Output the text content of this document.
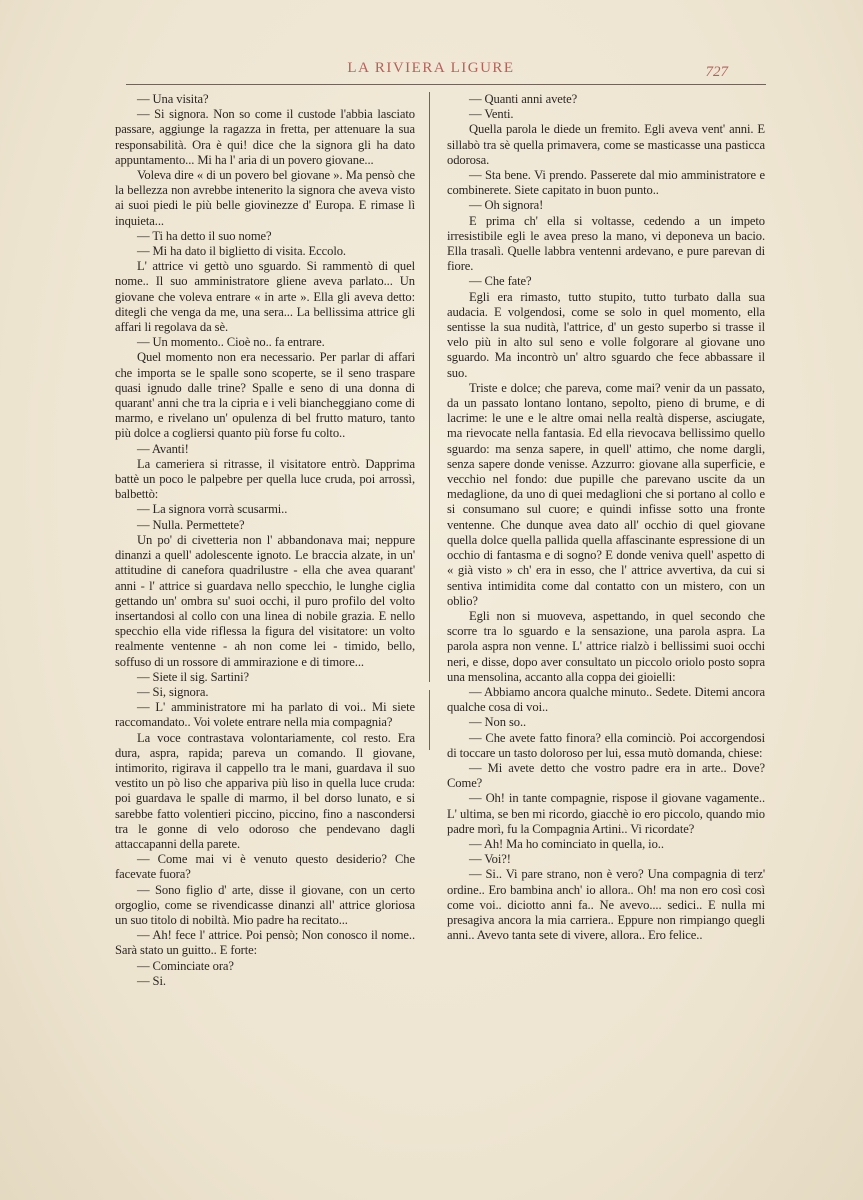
LA RIVIERA LIGURE	727

— Una visita?

— Si signora. Non so come il custode l'abbia lasciato passare, aggiunge la ragazza in fretta, per attenuare la sua responsabilità. Ora è qui! dice che la signora gli ha dato appuntamento... Mi ha l' aria di un povero giovane...

Voleva dire « di un povero bel giovane ». Ma pensò che la bellezza non avrebbe intenerito la signora che aveva visto ai suoi piedi le più belle giovinezze d' Europa. E rimase lì inquieta...

— Ti ha detto il suo nome?

— Mi ha dato il biglietto di visita. Eccolo.

L' attrice vi gettò uno sguardo. Si rammentò di quel nome.. Il suo amministratore gliene aveva parlato... Un giovane che voleva entrare « in arte ». Ella gli aveva detto: ditegli che venga da me, una sera... La bellissima attrice gli affari li regolava da sè.

— Un momento.. Cioè no.. fa entrare.

Quel momento non era necessario. Per parlar di affari che importa se le spalle sono scoperte, se il seno traspare quasi ignudo dalle trine? Spalle e seno di una donna di quarant' anni che tra la cipria e i veli biancheggiano come di marmo, e rivelano un' opulenza di bel frutto maturo, tanto più dolce a cogliersi quanto più forse fu colto..

— Avanti!

La cameriera si ritrasse, il visitatore entrò. Dapprima battè un poco le palpebre per quella luce cruda, poi arrossì, balbettò:

— La signora vorrà scusarmi..

— Nulla. Permettete?

Un po' di civetteria non l' abbandonava mai; neppure dinanzi a quell' adolescente ignoto. Le braccia alzate, in un' attitudine di canefora quadrilustre - ella che avea quarant' anni - l' attrice si guardava nello specchio, le lunghe ciglia gettando un' ombra su' suoi occhi, il puro profilo del volto insertandosi al collo con una linea di nobile grazia. E nello specchio ella vide riflessa la figura del visitatore: un volto realmente ventenne - ah non come lei - timido, bello, soffuso di un rossore di ammirazione e di timore...

— Siete il sig. Sartini?

— Si, signora.

— L' amministratore mi ha parlato di voi.. Mi siete raccomandato.. Voi volete entrare nella mia compagnia?

La voce contrastava volontariamente, col resto. Era dura, aspra, rapida; pareva un comando. Il giovane, intimorito, rigirava il cappello tra le mani, guardava il suo vestito un pò liso che appariva più liso in quella luce cruda: poi guardava le spalle di marmo, il bel dorso lunato, e si sarebbe fatto volentieri piccino, piccino, fino a nascondersi tra le gonne di velo odoroso che pendevano dagli attaccapanni della parete.

— Come mai vi è venuto questo desiderio? Che facevate fuora?

— Sono figlio d' arte, disse il giovane, con un certo orgoglio, come se rivendicasse dinanzi all' attrice gloriosa un suo titolo di nobiltà. Mio padre ha recitato...

— Ah! fece l' attrice. Poi pensò; Non conosco il nome.. Sarà stato un guitto.. E forte:

— Cominciate ora?

— Si.

— Quanti anni avete?

— Venti.

Quella parola le diede un fremito. Egli aveva vent' anni. E sillabò tra sè quella primavera, come se masticasse una pasticca odorosa.

— Sta bene. Vi prendo. Passerete dal mio amministratore e combinerete. Siete capitato in buon punto..

— Oh signora!

E prima ch' ella si voltasse, cedendo a un impeto irresistibile egli le avea preso la mano, vi deponeva un bacio. Ella trasalì. Quelle labbra ventenni ardevano, e pure parevan di fiore.

— Che fate?

Egli era rimasto, tutto stupito, tutto turbato dalla sua audacia. E volgendosi, come se solo in quel momento, ella sentisse la sua nudità, l'attrice, d' un gesto superbo si trasse il velo più in alto sul seno e volle folgorare al giovane uno sguardo. Ma incontrò un' altro sguardo che fece abbassare il suo.

Triste e dolce; che pareva, come mai? venir da un passato, da un passato lontano lontano, sepolto, pieno di brume, e di lacrime: le une e le altre omai nella realtà disperse, asciugate, ma rievocate nella fantasia. Ed ella rievocava bellissimo quello sguardo: ma senza sapere, in quell' attimo, che nome dargli, senza sapere donde venisse. Azzurro: giovane alla superficie, e vecchio nel fondo: due pupille che parevano uscite da un medaglione, da uno di quei medaglioni che si portano al collo e si consumano sul cuore; e quindi infisse sotto una fronte ventenne. Che dunque avea dato all' occhio di quel giovane quella dolce quella pallida quella affascinante espressione di un occhio di fantasma e di sogno? E donde veniva quell' aspetto di « già visto » ch' era in esso, che l' attrice avvertiva, da cui si sentiva intimidita come dal contatto con un mistero, con un oblio?

Egli non si muoveva, aspettando, in quel secondo che scorre tra lo sguardo e la sensazione, una parola aspra. La parola aspra non venne. L' attrice rialzò i bellissimi suoi occhi neri, e disse, dopo aver consultato un piccolo oriolo posto sopra una mensolina, accanto alla coppa dei gioielli:

— Abbiamo ancora qualche minuto.. Sedete. Ditemi ancora qualche cosa di voi..

— Non so..

— Che avete fatto finora? ella cominciò. Poi accorgendosi di toccare un tasto doloroso per lui, essa mutò domanda, chiese:

— Mi avete detto che vostro padre era in arte.. Dove? Come?

— Oh! in tante compagnie, rispose il giovane vagamente.. L' ultima, se ben mi ricordo, giacchè io ero piccolo, quando mio padre morì, fu la Compagnia Artini.. Vi ricordate?

— Ah! Ma ho cominciato in quella, io..

— Voi?!

— Si.. Vi pare strano, non è vero? Una compagnia di terz' ordine.. Ero bambina anch' io allora.. Oh! ma non ero così così come voi.. diciotto anni fa.. Ne avevo.... sedici.. E nulla mi presagiva ancora la mia carriera.. Eppure non rimpiango quegli anni.. Avevo tanta sete di vivere, allora.. Ero felice..
